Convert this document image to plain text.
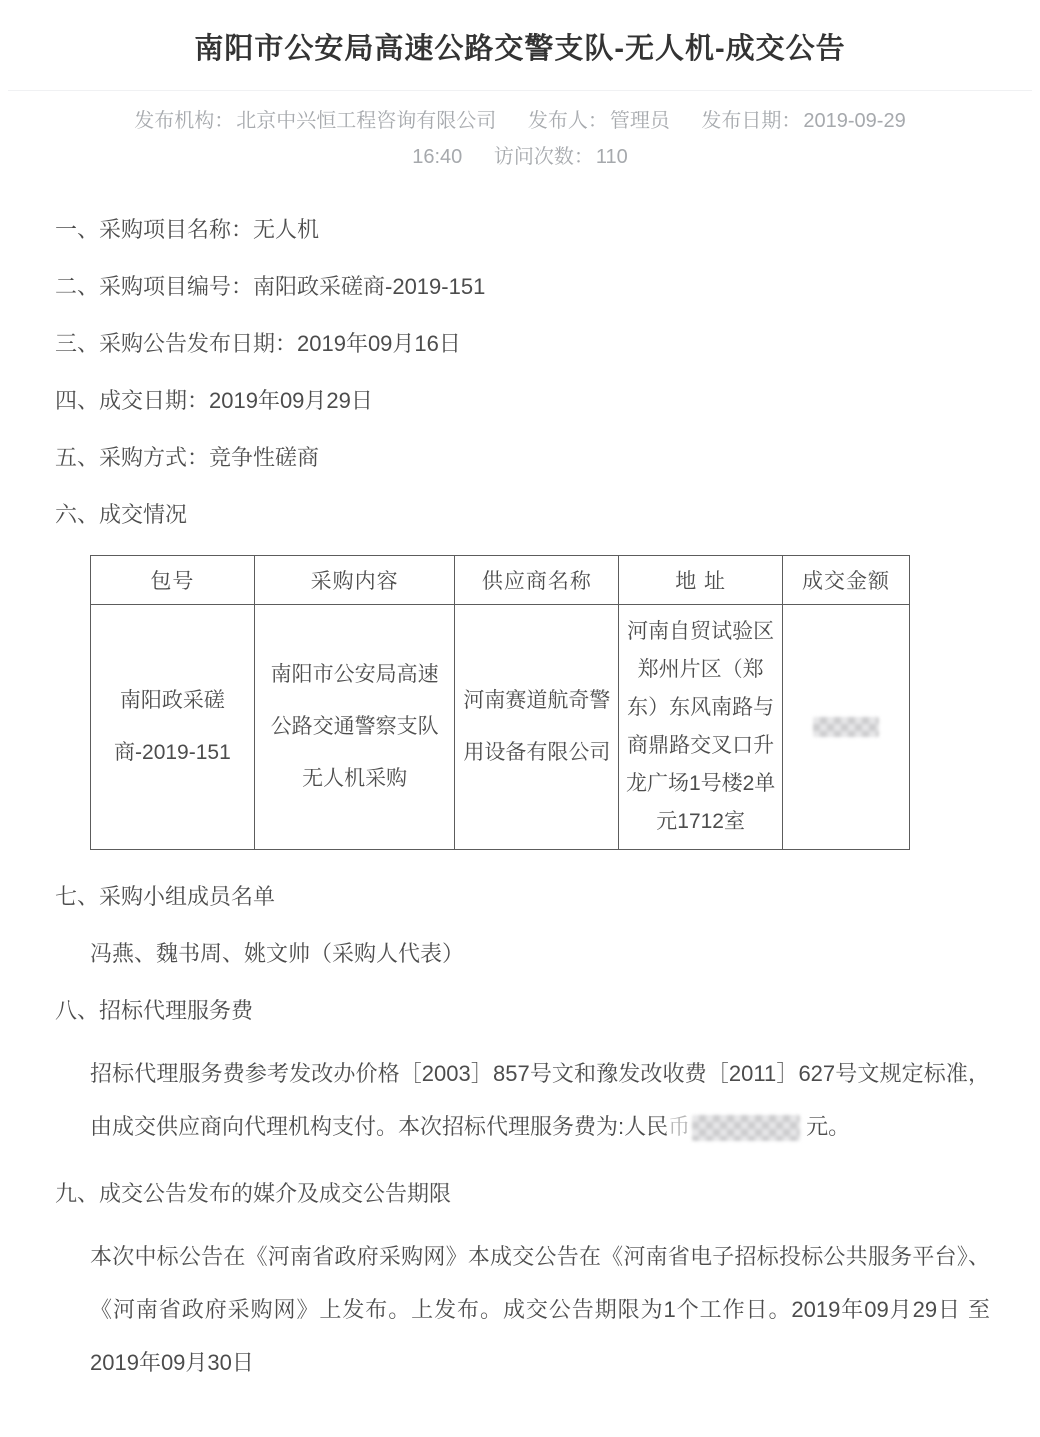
南阳市公安局高速公路交警支队-无人机-成交公告
发布机构： 北京中兴恒工程咨询有限公司 发布人： 管理员 发布日期： 2019-09-29
16:40 访问次数： 110
一、采购项目名称：无人机
二、采购项目编号：南阳政采磋商-2019-151
三、采购公告发布日期：2019年09月16日
四、成交日期：2019年09月29日
五、采购方式：竞争性磋商
六、成交情况
包号	采购内容	供应商名称	地 址	成交金额
南阳政采磋商-2019-151	南阳市公安局高速公路交通警察支队无人机采购	河南赛道航奇警用设备有限公司	河南自贸试验区郑州片区（郑东）东风南路与商鼎路交叉口升龙广场1号楼2单元1712室	
七、采购小组成员名单
冯燕、魏书周、姚文帅（采购人代表）
八、招标代理服务费
招标代理服务费参考发改办价格［2003］857号文和豫发改收费［2011］627号文规定标准，由成交供应商向代理机构支付。本次招标代理服务费为:人民币	元。
九、成交公告发布的媒介及成交公告期限
本次中标公告在《河南省政府采购网》本成交公告在《河南省电子招标投标公共服务平台》、《河南省政府采购网》上发布。上发布。成交公告期限为1个工作日。2019年09月29日 至 2019年09月30日
